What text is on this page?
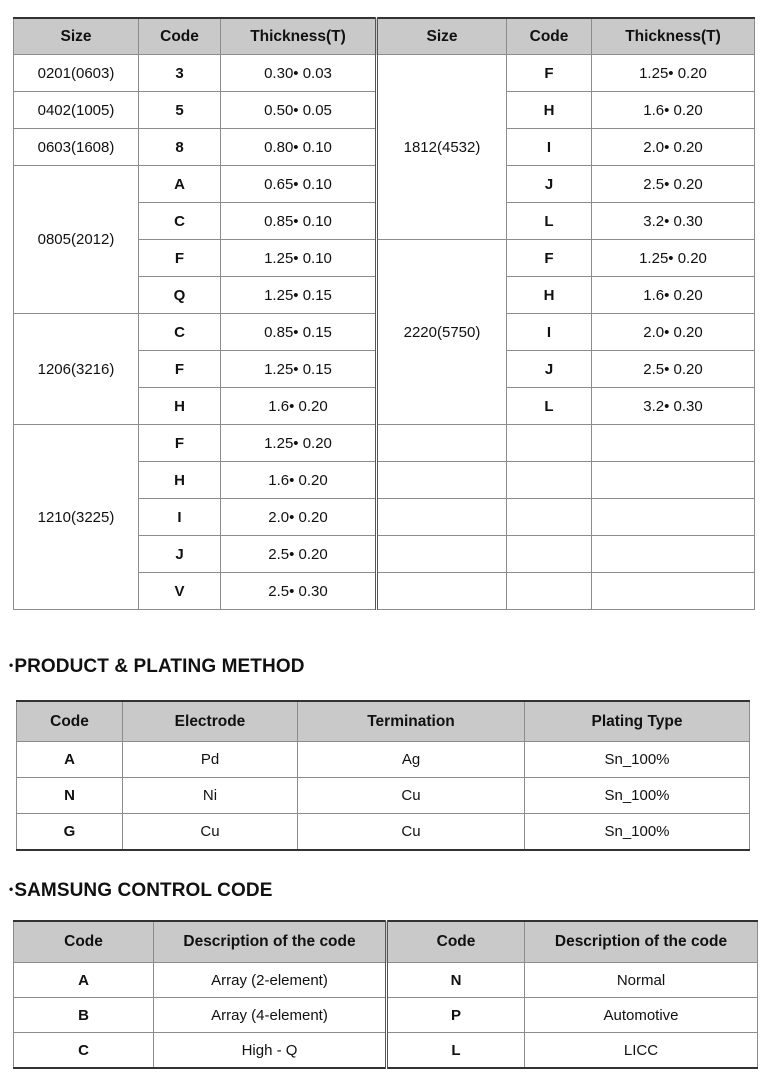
Size	Code	Thickness(T)	Size	Code	Thickness(T)
0201(0603)	3	0.30• 0.03	1812(4532)	F	1.25• 0.20
0402(1005)	5	0.50• 0.05		H	1.6• 0.20
0603(1608)	8	0.80• 0.10		I	2.0• 0.20
0805(2012)	A	0.65• 0.10		J	2.5• 0.20
	C	0.85• 0.10		L	3.2• 0.30
	F	1.25• 0.10	2220(5750)	F	1.25• 0.20
	Q	1.25• 0.15		H	1.6• 0.20
1206(3216)	C	0.85• 0.15		I	2.0• 0.20
	F	1.25• 0.15		J	2.5• 0.20
	H	1.6• 0.20		L	3.2• 0.30
1210(3225)	F	1.25• 0.20			
	H	1.6• 0.20			
	I	2.0• 0.20			
	J	2.5• 0.20			
	V	2.5• 0.30			
•PRODUCT & PLATING METHOD
Code	Electrode	Termination	Plating Type
A	Pd	Ag	Sn_100%
N	Ni	Cu	Sn_100%
G	Cu	Cu	Sn_100%
•SAMSUNG CONTROL CODE
Code	Description of the code	Code	Description of the code
A	Array (2-element)	N	Normal
B	Array (4-element)	P	Automotive
C	High - Q	L	LICC
